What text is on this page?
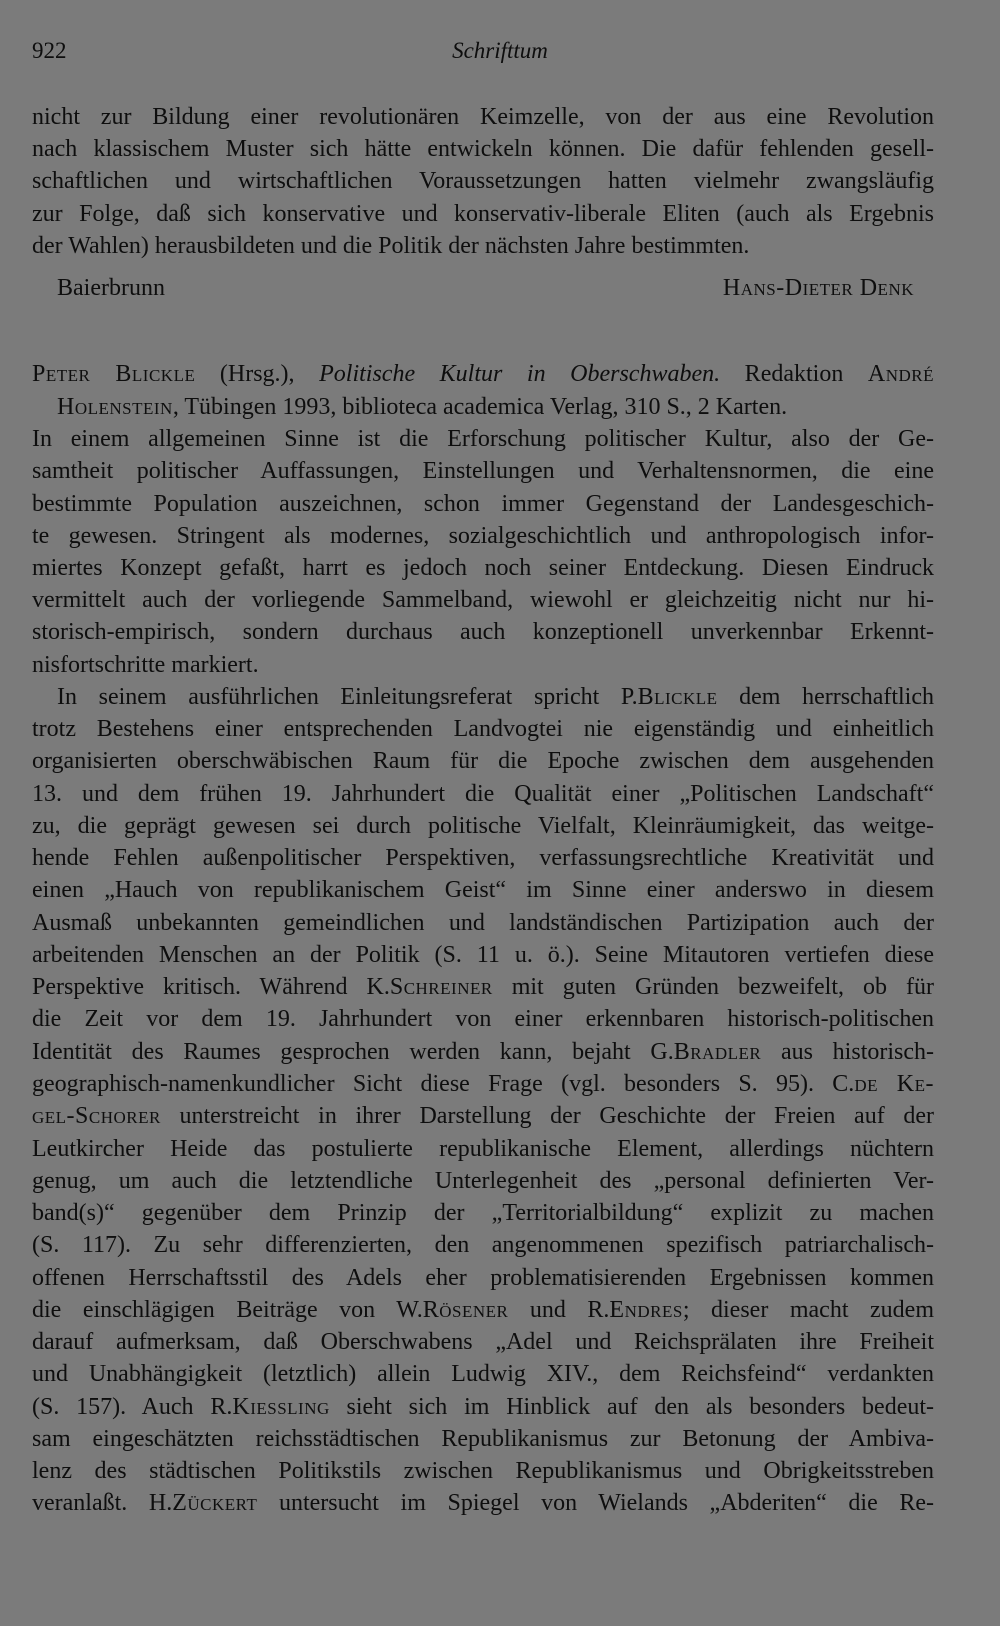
922	Schrifttum
nicht zur Bildung einer revolutionären Keimzelle, von der aus eine Revolution
nach klassischem Muster sich hätte entwickeln können. Die dafür fehlenden gesell-
schaftlichen und wirtschaftlichen Voraussetzungen hatten vielmehr zwangsläufig
zur Folge, daß sich konservative und konservativ-liberale Eliten (auch als Ergebnis
der Wahlen) herausbildeten und die Politik der nächsten Jahre bestimmten.
Baierbrunn	Hans-Dieter Denk
Peter Blickle (Hrsg.), Politische Kultur in Oberschwaben. Redaktion André
Holenstein, Tübingen 1993, biblioteca academica Verlag, 310 S., 2 Karten.
In einem allgemeinen Sinne ist die Erforschung politischer Kultur, also der Ge-
samtheit politischer Auffassungen, Einstellungen und Verhaltensnormen, die eine
bestimmte Population auszeichnen, schon immer Gegenstand der Landesgeschich-
te gewesen. Stringent als modernes, sozialgeschichtlich und anthropologisch infor-
miertes Konzept gefaßt, harrt es jedoch noch seiner Entdeckung. Diesen Eindruck
vermittelt auch der vorliegende Sammelband, wiewohl er gleichzeitig nicht nur hi-
storisch-empirisch, sondern durchaus auch konzeptionell unverkennbar Erkennt-
nisfortschritte markiert.
In seinem ausführlichen Einleitungsreferat spricht P.Blickle dem herrschaftlich
trotz Bestehens einer entsprechenden Landvogtei nie eigenständig und einheitlich
organisierten oberschwäbischen Raum für die Epoche zwischen dem ausgehenden
13. und dem frühen 19. Jahrhundert die Qualität einer „Politischen Landschaft“
zu, die geprägt gewesen sei durch politische Vielfalt, Kleinräumigkeit, das weitge-
hende Fehlen außenpolitischer Perspektiven, verfassungsrechtliche Kreativität und
einen „Hauch von republikanischem Geist“ im Sinne einer anderswo in diesem
Ausmaß unbekannten gemeindlichen und landständischen Partizipation auch der
arbeitenden Menschen an der Politik (S. 11 u. ö.). Seine Mitautoren vertiefen diese
Perspektive kritisch. Während K.Schreiner mit guten Gründen bezweifelt, ob für
die Zeit vor dem 19. Jahrhundert von einer erkennbaren historisch-politischen
Identität des Raumes gesprochen werden kann, bejaht G.Bradler aus historisch-
geographisch-namenkundlicher Sicht diese Frage (vgl. besonders S. 95). C.de Ke-
gel-Schorer unterstreicht in ihrer Darstellung der Geschichte der Freien auf der
Leutkircher Heide das postulierte republikanische Element, allerdings nüchtern
genug, um auch die letztendliche Unterlegenheit des „personal definierten Ver-
band(s)“ gegenüber dem Prinzip der „Territorialbildung“ explizit zu machen
(S. 117). Zu sehr differenzierten, den angenommenen spezifisch patriarchalisch-
offenen Herrschaftsstil des Adels eher problematisierenden Ergebnissen kommen
die einschlägigen Beiträge von W.Rösener und R.Endres; dieser macht zudem
darauf aufmerksam, daß Oberschwabens „Adel und Reichsprälaten ihre Freiheit
und Unabhängigkeit (letztlich) allein Ludwig XIV., dem Reichsfeind“ verdankten
(S. 157). Auch R.Kiessling sieht sich im Hinblick auf den als besonders bedeut-
sam eingeschätzten reichsstädtischen Republikanismus zur Betonung der Ambiva-
lenz des städtischen Politikstils zwischen Republikanismus und Obrigkeitsstreben
veranlaßt. H.Zückert untersucht im Spiegel von Wielands „Abderiten“ die Re-
